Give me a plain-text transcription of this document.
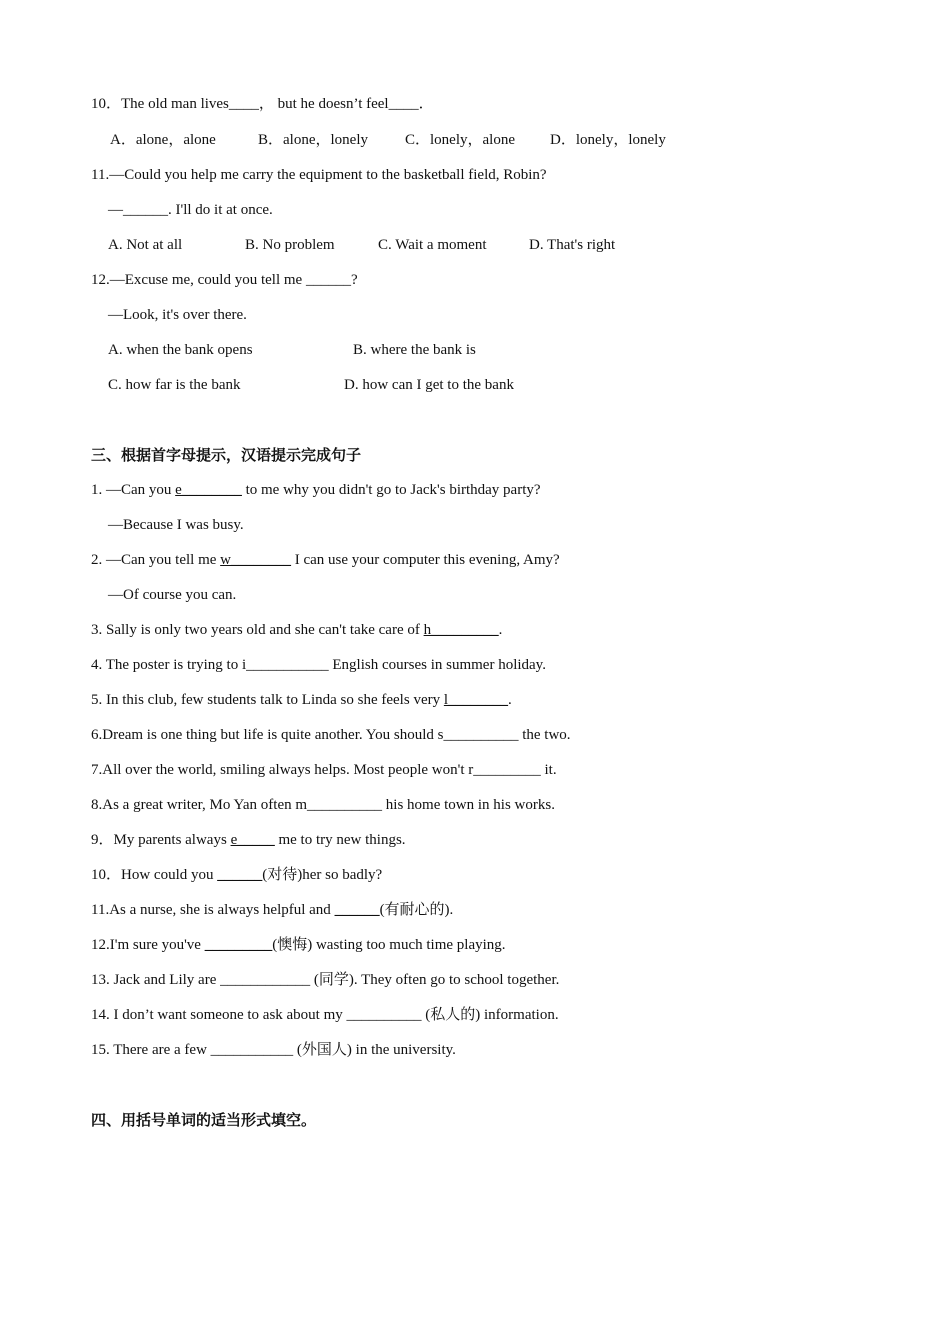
10．The old man lives____， but he doesn’t feel____．
A．alone，alone	B．alone，lonely C．lonely，alone D．lonely，lonely
11.—Could you help me carry the equipment to the basketball field, Robin?
—______. I'll do it at once.
A. Not at all	B. No problem	C. Wait a moment	D. That's right
12.—Excuse me, could you tell me ______?
—Look, it's over there.
A. when the bank opens	B. where the bank is
C. how far is the bank	D. how can I get to the bank
三、根据首字母提示，汉语提示完成句子
1. —Can you e________ to me why you didn't go to Jack's birthday party?
—Because I was busy.
2. —Can you tell me w________ I can use your computer this evening, Amy?
—Of course you can.
3. Sally is only two years old and she can't take care of h_________.
4. The poster is trying to i___________ English courses in summer holiday.
5. In this club, few students talk to Linda so she feels very l________.
6.Dream is one thing but life is quite another. You should s__________ the two.
7.All over the world, smiling always helps. Most people won't r_________ it.
8.As a great writer, Mo Yan often m__________ his home town in his works.
9．My parents always e_____ me to try new things.
10．How could you ______(对待)her so badly?
11.As a nurse, she is always helpful and ______(有耐心的).
12.I'm sure you've _________(懊悔) wasting too much time playing.
13. Jack and Lily are ____________ (同学). They often go to school together.
14. I don’t want someone to ask about my __________ (私人的) information.
15. There are a few ___________ (外国人) in the university.
四、用括号单词的适当形式填空。
